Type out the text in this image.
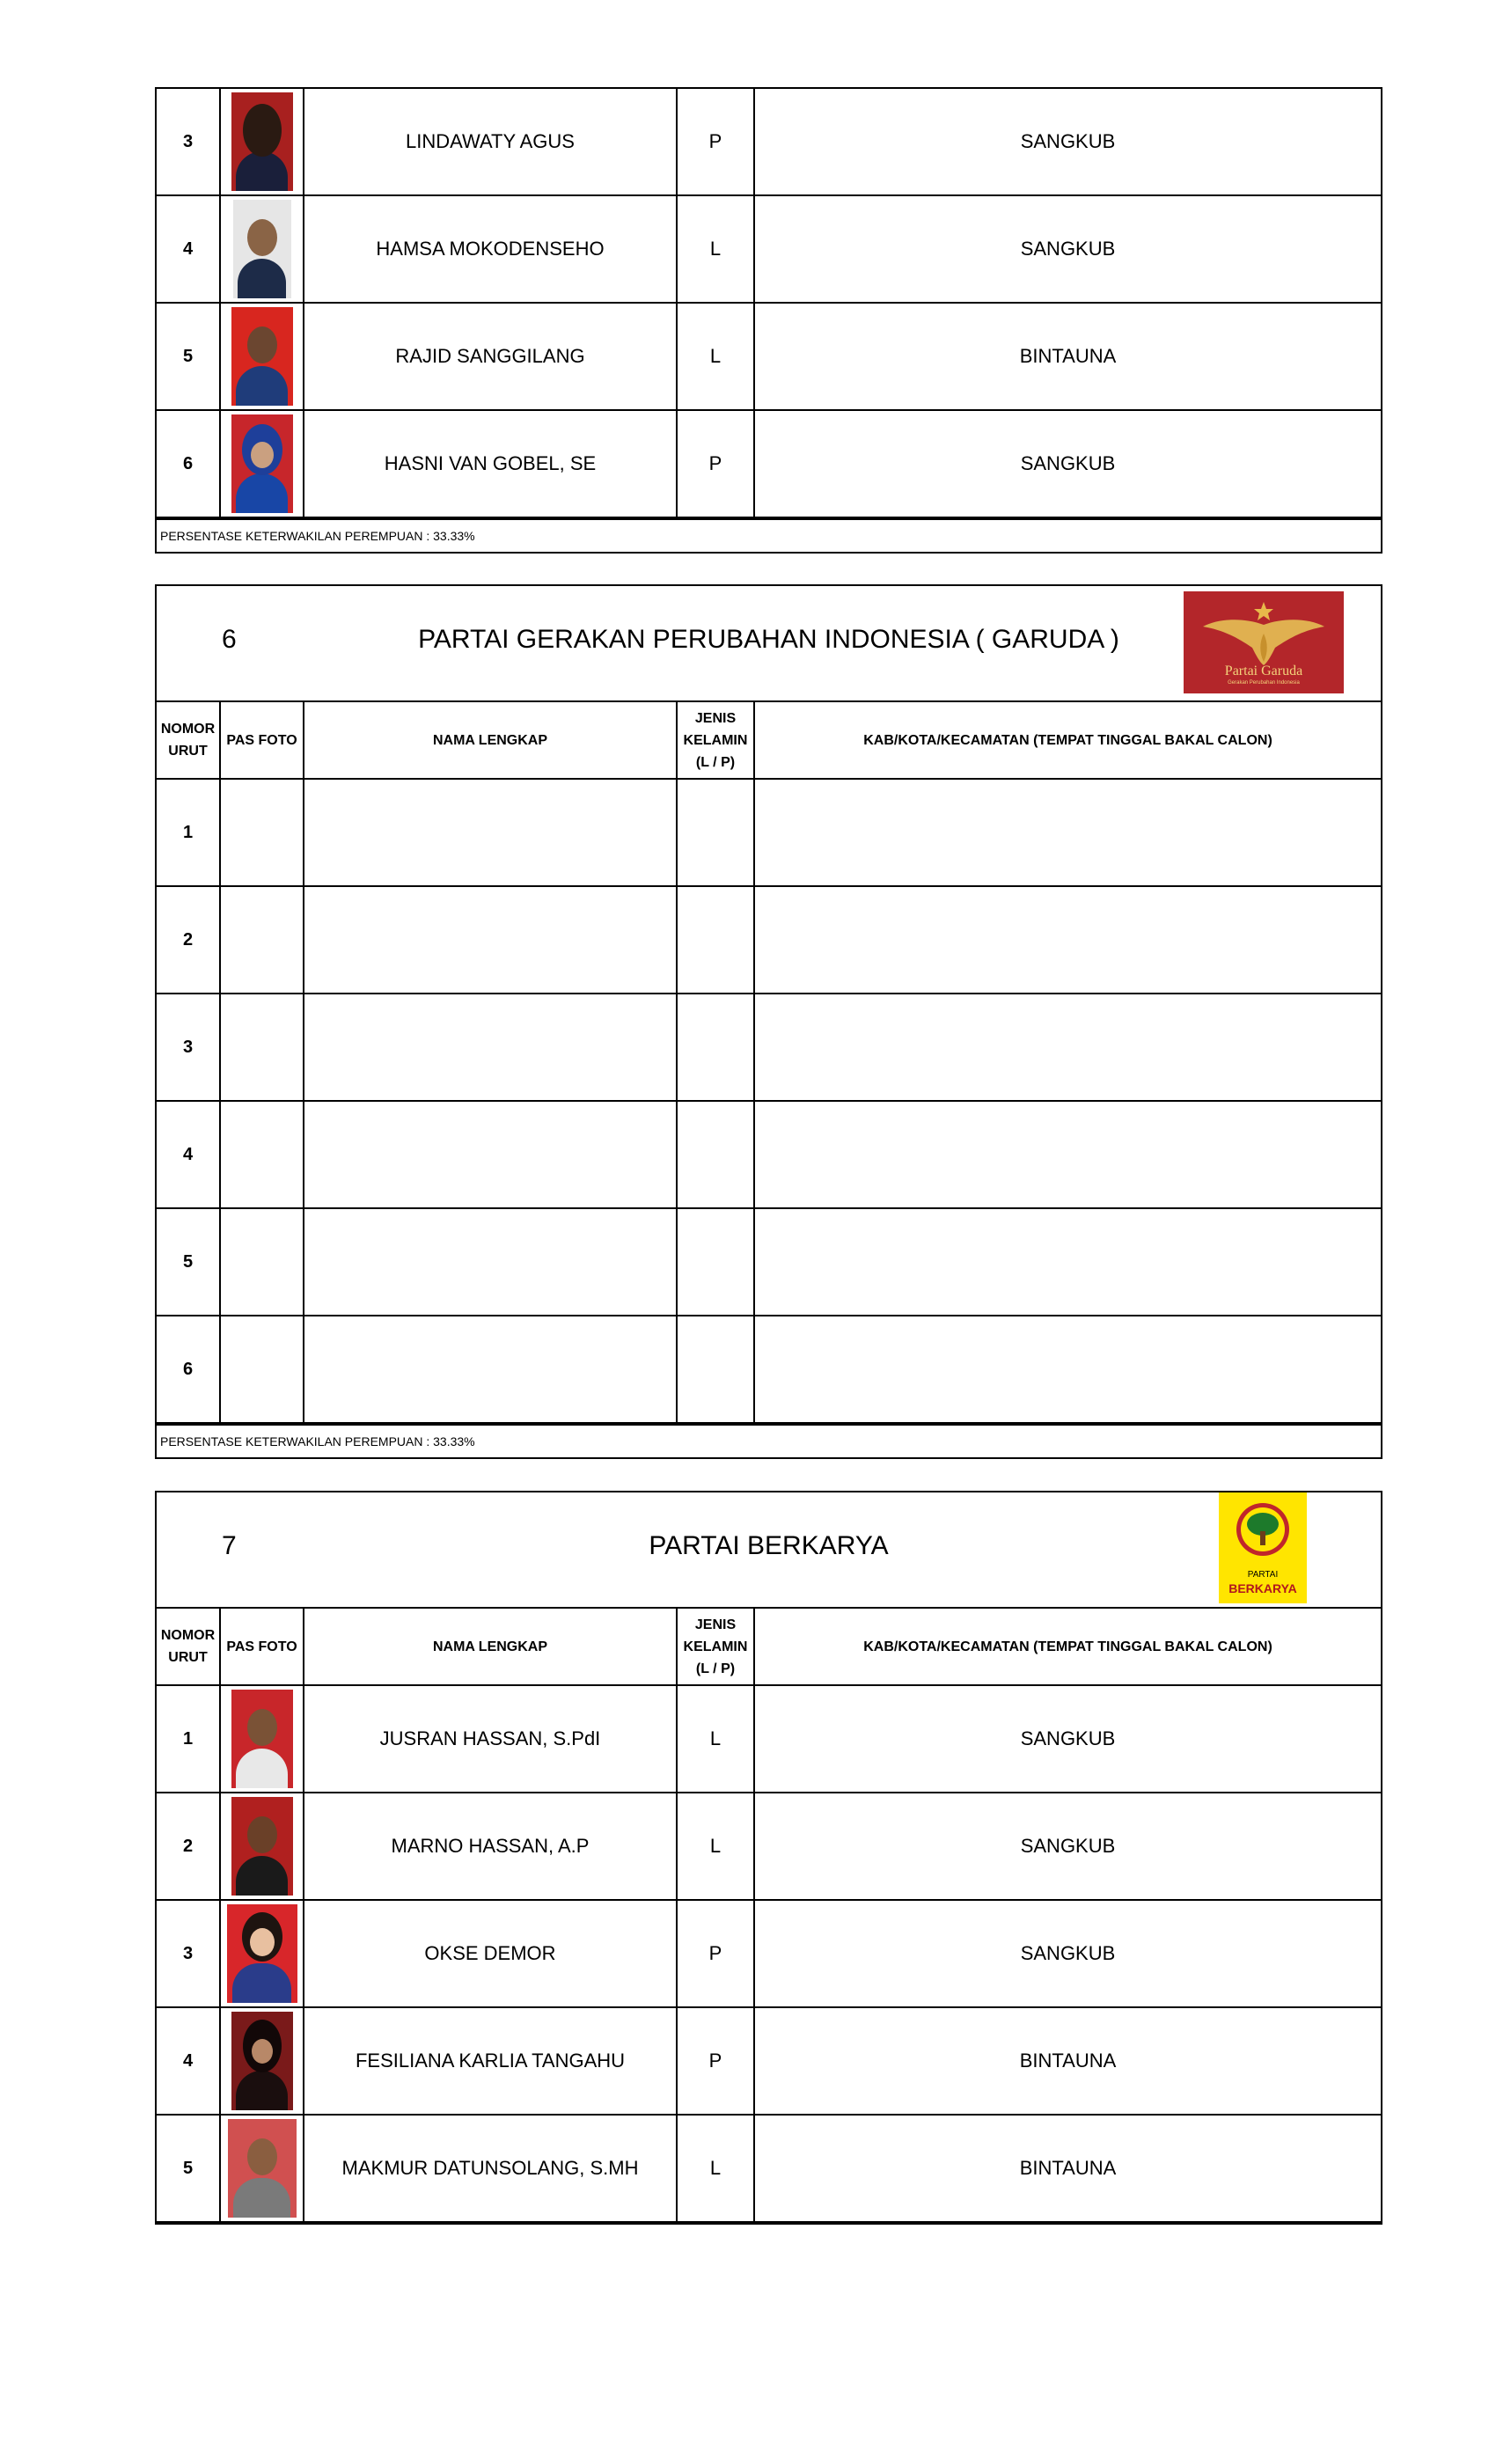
3		LINDAWATY AGUS	P	SANGKUB
4		HAMSA MOKODENSEHO	L	SANGKUB
5		RAJID SANGGILANG	L	BINTAUNA
6		HASNI VAN GOBEL, SE	P	SANGKUB
PERSENTASE KETERWAKILAN PEREMPUAN : 33.33%
6	PARTAI GERAKAN PERUBAHAN INDONESIA ( GARUDA )
Partai Garuda
Gerakan Perubahan Indonesia
NOMOR URUT	PAS FOTO	NAMA LENGKAP	JENIS KELAMIN (L / P)	KAB/KOTA/KECAMATAN (TEMPAT TINGGAL BAKAL CALON)
1				
2				
3				
4				
5				
6				
PERSENTASE KETERWAKILAN PEREMPUAN : 33.33%
7	PARTAI BERKARYA
PARTAI
BERKARYA
NOMOR URUT	PAS FOTO	NAMA LENGKAP	JENIS KELAMIN (L / P)	KAB/KOTA/KECAMATAN (TEMPAT TINGGAL BAKAL CALON)
1		JUSRAN HASSAN, S.PdI	L	SANGKUB
2		MARNO HASSAN, A.P	L	SANGKUB
3		OKSE DEMOR	P	SANGKUB
4		FESILIANA KARLIA TANGAHU	P	BINTAUNA
5		MAKMUR DATUNSOLANG, S.MH	L	BINTAUNA
